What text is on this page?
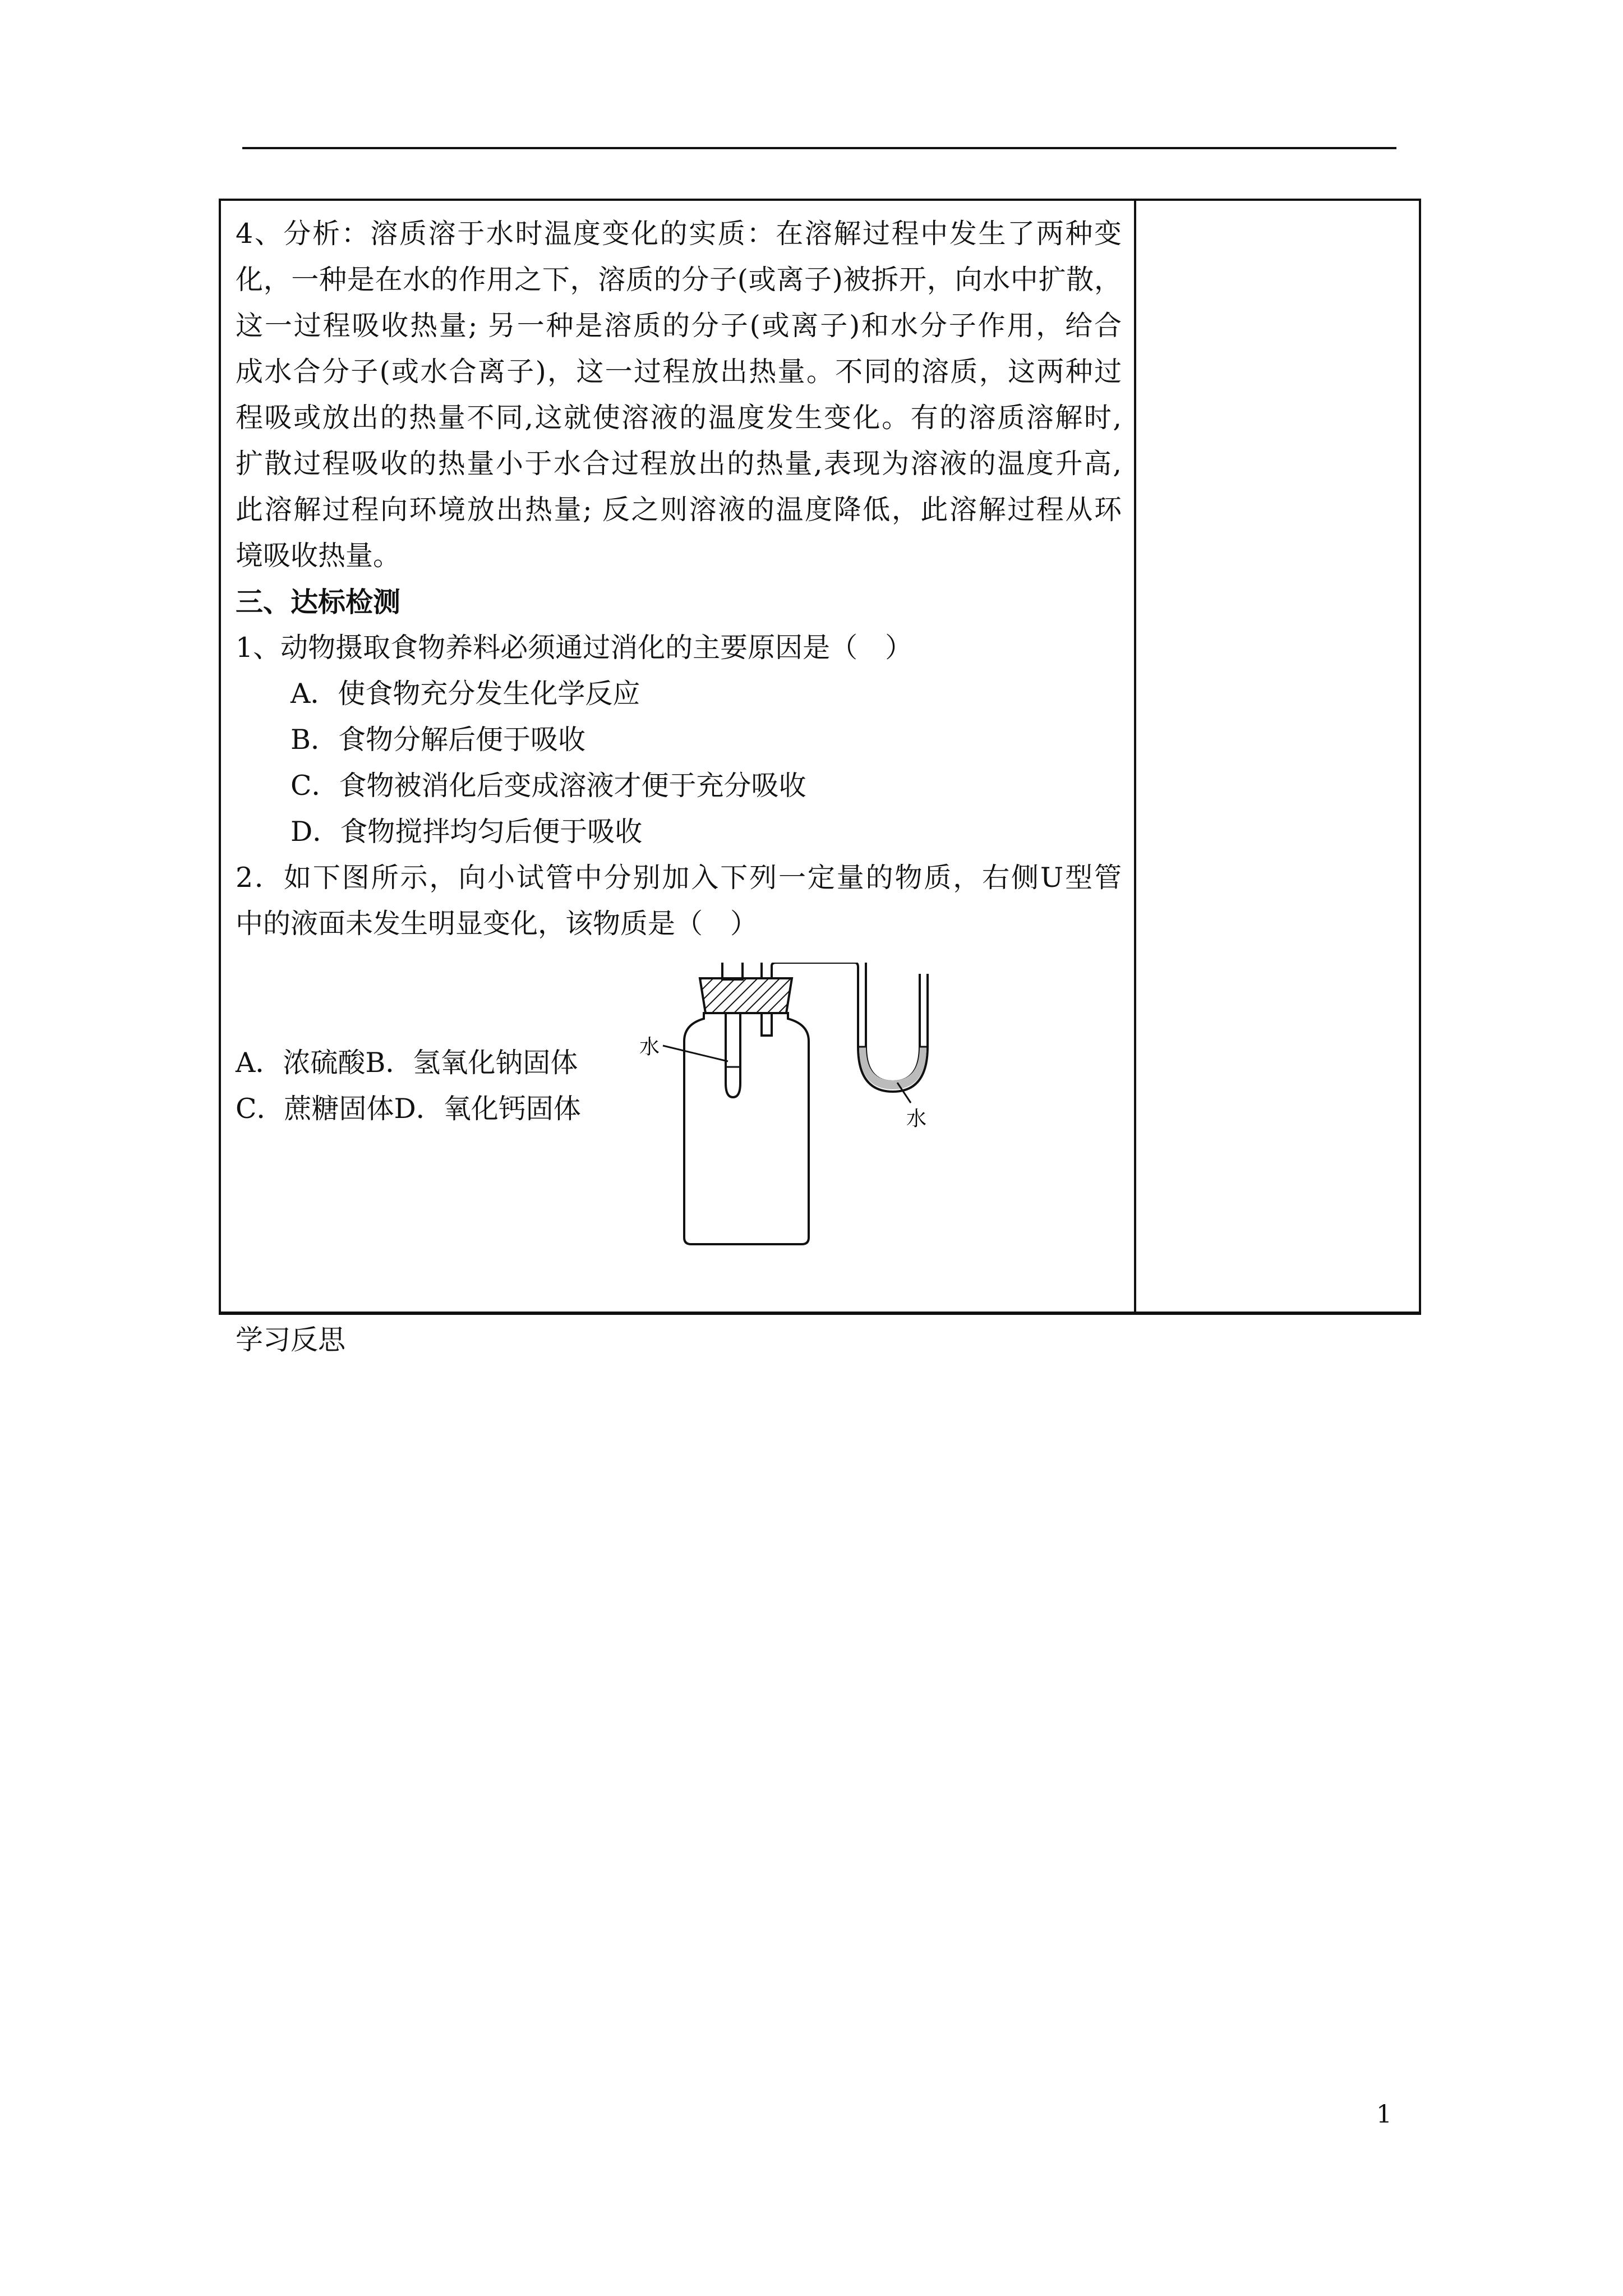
4、分析：溶质溶于水时温度变化的实质：在溶解过程中发生了两种变

化，一种是在水的作用之下，溶质的分子(或离子)被拆开，向水中扩散，

这一过程吸收热量; 另一种是溶质的分子(或离子)和水分子作用，给合

成水合分子(或水合离子)，这一过程放出热量。不同的溶质，这两种过

程吸或放出的热量不同,这就使溶液的温度发生变化。有的溶质溶解时,

扩散过程吸收的热量小于水合过程放出的热量,表现为溶液的温度升高,

此溶解过程向环境放出热量; 反之则溶液的温度降低，此溶解过程从环

境吸收热量。

三、达标检测

1、动物摄取食物养料必须通过消化的主要原因是（　）

A．使食物充分发生化学反应

B．食物分解后便于吸收

C．食物被消化后变成溶液才便于充分吸收

D．食物搅拌均匀后便于吸收

2．如下图所示，向小试管中分别加入下列一定量的物质，右侧U型管

中的液面未发生明显变化，该物质是（　）

A．浓硫酸B．氢氧化钠固体

C．蔗糖固体D．氧化钙固体

水
水
学习反思
1
